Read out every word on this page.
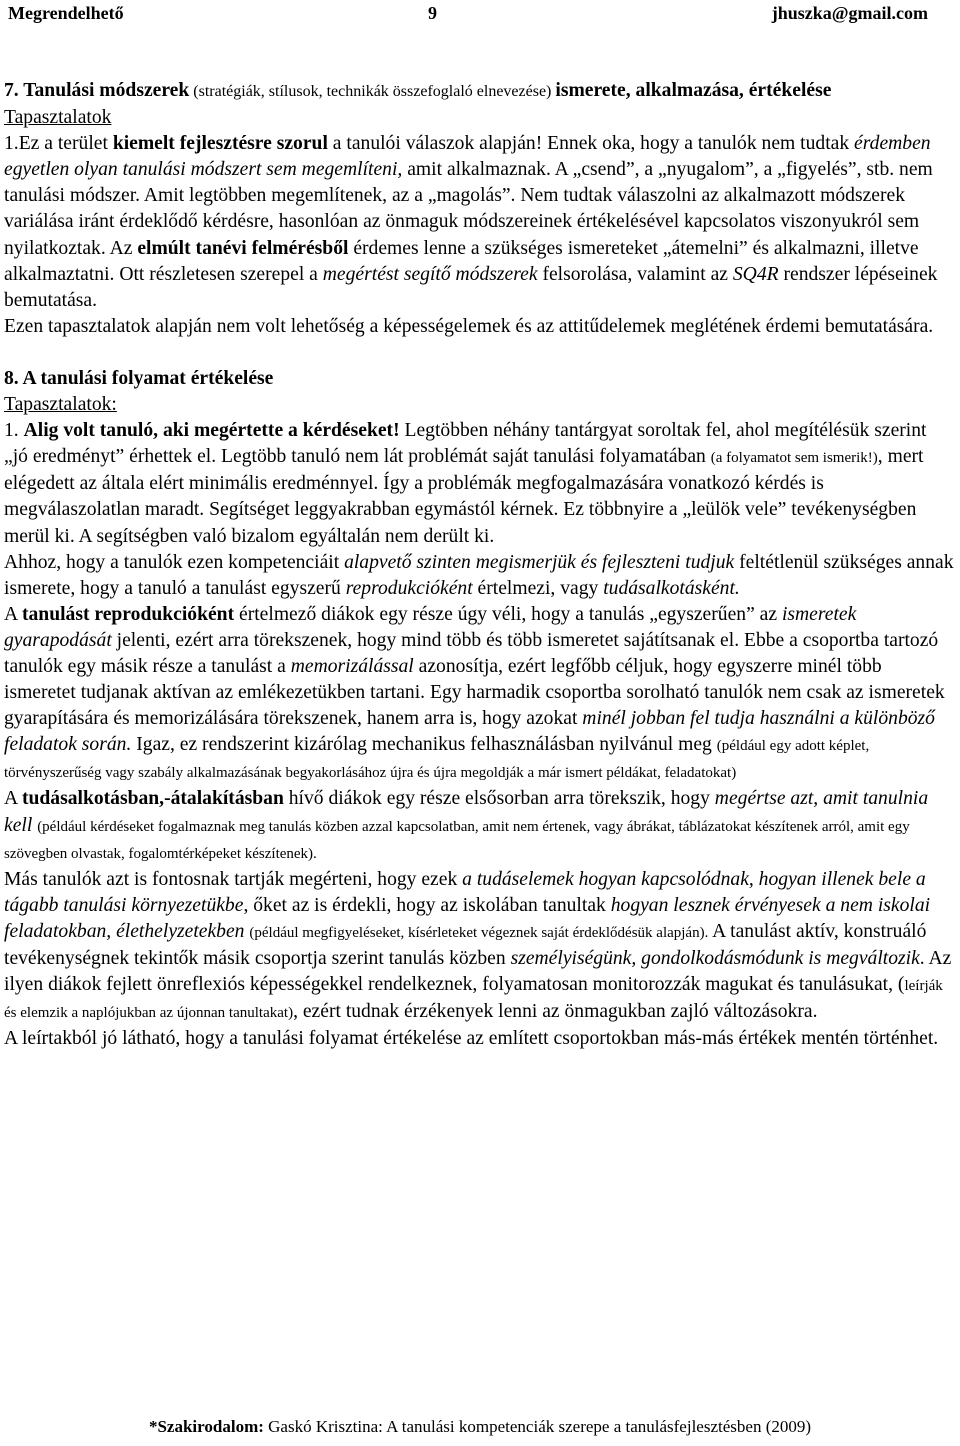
Megrendelhető	9	jhuszka@gmail.com

7. Tanulási módszerek (stratégiák, stílusok, technikák összefoglaló elnevezése) ismerete, alkalmazása, értékelése

Tapasztalatok

1.Ez a terület kiemelt fejlesztésre szorul a tanulói válaszok alapján! Ennek oka, hogy a tanulók nem tudtak érdemben egyetlen olyan tanulási módszert sem megemlíteni, amit alkalmaznak. A „csend”, a „nyugalom”, a „figyelés”, stb. nem tanulási módszer. Amit legtöbben megemlítenek, az a „magolás”. Nem tudtak válaszolni az alkalmazott módszerek variálása iránt érdeklődő kérdésre, hasonlóan az önmaguk módszereinek értékelésével kapcsolatos viszonyukról sem nyilatkoztak. Az elmúlt tanévi felmérésből érdemes lenne a szükséges ismereteket „átemelni” és alkalmazni, illetve alkalmaztatni. Ott részletesen szerepel a megértést segítő módszerek felsorolása, valamint az SQ4R rendszer lépéseinek bemutatása.

Ezen tapasztalatok alapján nem volt lehetőség a képességelemek és az attitűdelemek meglétének érdemi bemutatására.

8. A tanulási folyamat értékelése

Tapasztalatok:

1. Alig volt tanuló, aki megértette a kérdéseket! Legtöbben néhány tantárgyat soroltak fel, ahol megítélésük szerint „jó eredményt” érhettek el. Legtöbb tanuló nem lát problémát saját tanulási folyamatában (a folyamatot sem ismerik!), mert elégedett az általa elért minimális eredménnyel. Így a problémák megfogalmazására vonatkozó kérdés is megválaszolatlan maradt. Segítséget leggyakrabban egymástól kérnek. Ez többnyire a „leülök vele” tevékenységben merül ki. A segítségben való bizalom egyáltalán nem derült ki.

Ahhoz, hogy a tanulók ezen kompetenciáit alapvető szinten megismerjük és fejleszteni tudjuk feltétlenül szükséges annak ismerete, hogy a tanuló a tanulást egyszerű reprodukcióként értelmezi, vagy tudásalkotásként.

A tanulást reprodukcióként értelmező diákok egy része úgy véli, hogy a tanulás „egyszerűen” az ismeretek gyarapodását jelenti, ezért arra törekszenek, hogy mind több és több ismeretet sajátítsanak el. Ebbe a csoportba tartozó tanulók egy másik része a tanulást a memorizálással azonosítja, ezért legfőbb céljuk, hogy egyszerre minél több ismeretet tudjanak aktívan az emlékezetükben tartani. Egy harmadik csoportba sorolható tanulók nem csak az ismeretek gyarapítására és memorizálására törekszenek, hanem arra is, hogy azokat minél jobban fel tudja használni a különböző feladatok során. Igaz, ez rendszerint kizárólag mechanikus felhasználásban nyilvánul meg (például egy adott képlet, törvényszerűség vagy szabály alkalmazásának begyakorlásához újra és újra megoldják a már ismert példákat, feladatokat)

A tudásalkotásban,-átalakításban hívő diákok egy része elsősorban arra törekszik, hogy megértse azt, amit tanulnia kell (például kérdéseket fogalmaznak meg tanulás közben azzal kapcsolatban, amit nem értenek, vagy ábrákat, táblázatokat készítenek arról, amit egy szövegben olvastak, fogalomtérképeket készítenek).

Más tanulók azt is fontosnak tartják megérteni, hogy ezek a tudáselemek hogyan kapcsolódnak, hogyan illenek bele a tágabb tanulási környezetükbe, őket az is érdekli, hogy az iskolában tanultak hogyan lesznek érvényesek a nem iskolai feladatokban, élethelyzetekben (például megfigyeléseket, kísérleteket végeznek saját érdeklődésük alapján). A tanulást aktív, konstruáló tevékenységnek tekintők másik csoportja szerint tanulás közben személyiségünk, gondolkodásmódunk is megváltozik. Az ilyen diákok fejlett önreflexiós képességekkel rendelkeznek, folyamatosan monitorozzák magukat és tanulásukat, (leírják és elemzik a naplójukban az újonnan tanultakat), ezért tudnak érzékenyek lenni az önmagukban zajló változásokra.

A leírtakból jó látható, hogy a tanulási folyamat értékelése az említett csoportokban más-más értékek mentén történhet.

*Szakirodalom: Gaskó Krisztina: A tanulási kompetenciák szerepe a tanulásfejlesztésben (2009)
